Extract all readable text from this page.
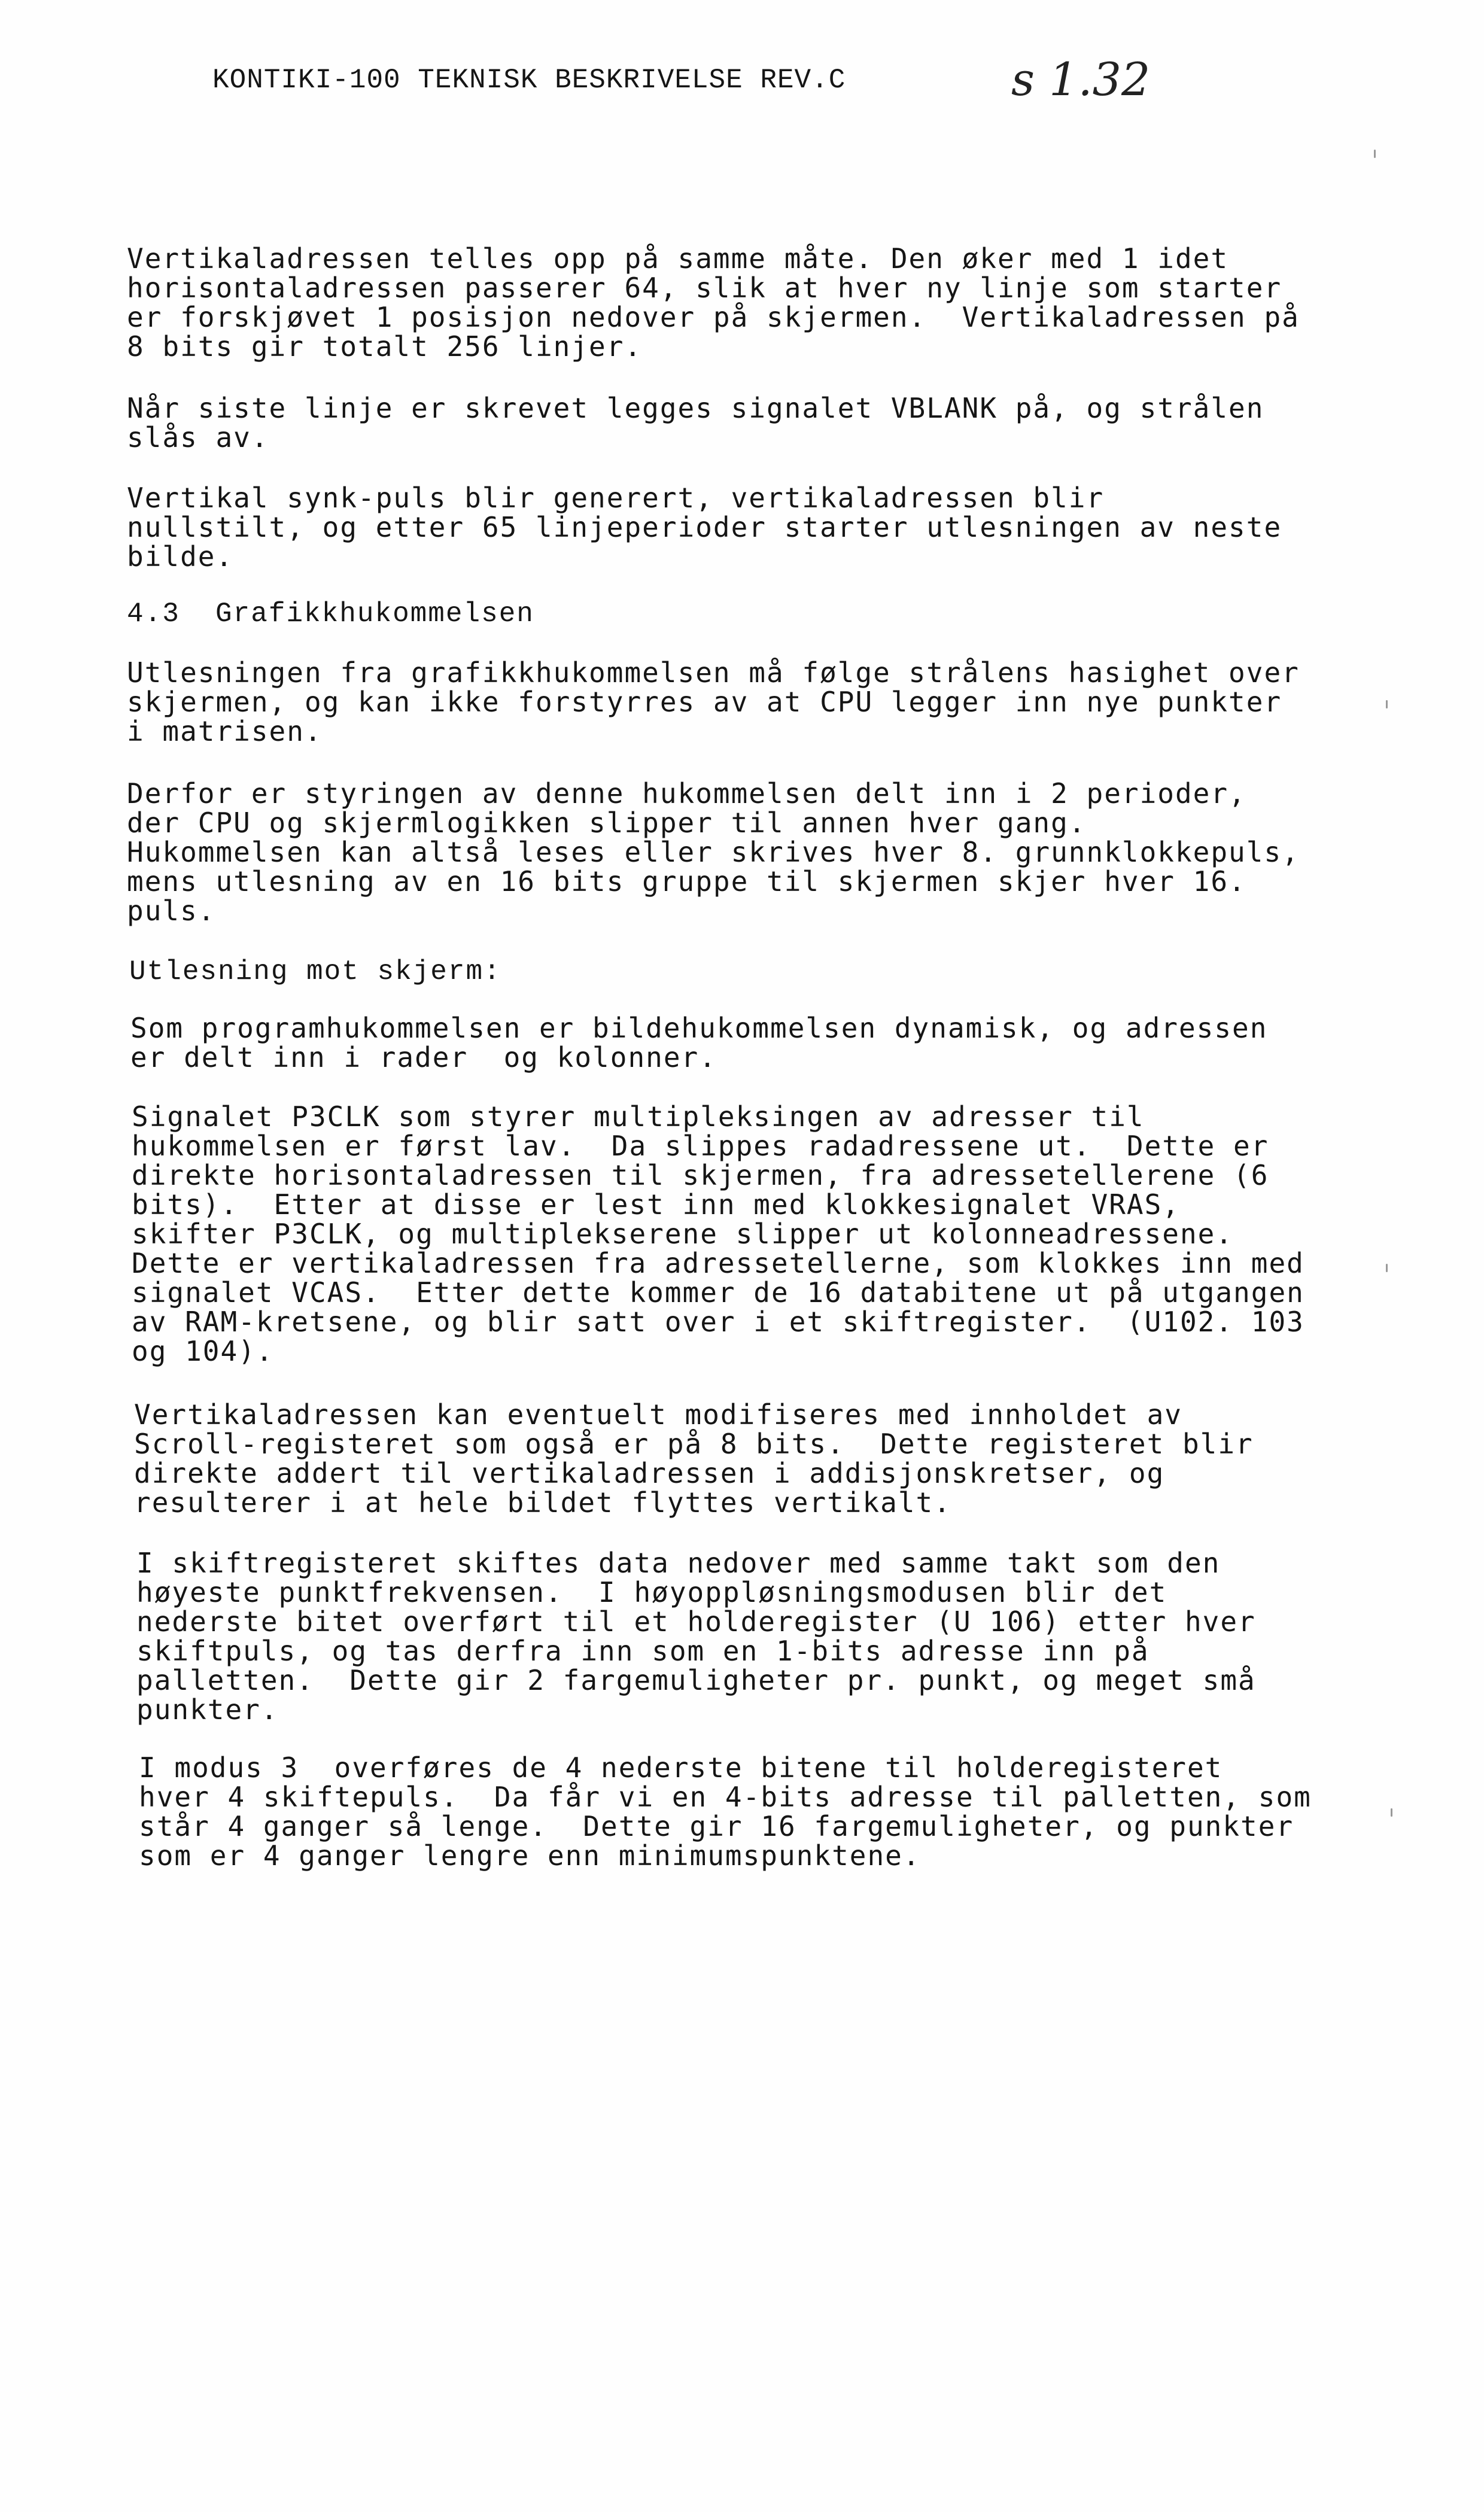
KONTIKI-100 TEKNISK BESKRIVELSE REV.C	s 1.32
Vertikaladressen telles opp på samme måte. Den øker med 1 idet
horisontaladressen passerer 64, slik at hver ny linje som starter
er forskjøvet 1 posisjon nedover på skjermen.  Vertikaladressen på
8 bits gir totalt 256 linjer.
Når siste linje er skrevet legges signalet VBLANK på, og strålen
slås av.
Vertikal synk-puls blir generert, vertikaladressen blir
nullstilt, og etter 65 linjeperioder starter utlesningen av neste
bilde.
4.3  Grafikkhukommelsen
Utlesningen fra grafikkhukommelsen må følge strålens hasighet over
skjermen, og kan ikke forstyrres av at CPU legger inn nye punkter
i matrisen.
Derfor er styringen av denne hukommelsen delt inn i 2 perioder,
der CPU og skjermlogikken slipper til annen hver gang.
Hukommelsen kan altså leses eller skrives hver 8. grunnklokkepuls,
mens utlesning av en 16 bits gruppe til skjermen skjer hver 16.
puls.
Utlesning mot skjerm:
Som programhukommelsen er bildehukommelsen dynamisk, og adressen
er delt inn i rader  og kolonner.
Signalet P3CLK som styrer multipleksingen av adresser til
hukommelsen er først lav.  Da slippes radadressene ut.  Dette er
direkte horisontaladressen til skjermen, fra adressetellerene (6
bits).  Etter at disse er lest inn med klokkesignalet VRAS,
skifter P3CLK, og multiplekserene slipper ut kolonneadressene.
Dette er vertikaladressen fra adressetellerne, som klokkes inn med
signalet VCAS.  Etter dette kommer de 16 databitene ut på utgangen
av RAM-kretsene, og blir satt over i et skiftregister.  (U102. 103
og 104).
Vertikaladressen kan eventuelt modifiseres med innholdet av
Scroll-registeret som også er på 8 bits.  Dette registeret blir
direkte addert til vertikaladressen i addisjonskretser, og
resulterer i at hele bildet flyttes vertikalt.
I skiftregisteret skiftes data nedover med samme takt som den
høyeste punktfrekvensen.  I høyoppløsningsmodusen blir det
nederste bitet overført til et holderegister (U 106) etter hver
skiftpuls, og tas derfra inn som en 1-bits adresse inn på
palletten.  Dette gir 2 fargemuligheter pr. punkt, og meget små
punkter.
I modus 3  overføres de 4 nederste bitene til holderegisteret
hver 4 skiftepuls.  Da får vi en 4-bits adresse til palletten, som
står 4 ganger så lenge.  Dette gir 16 fargemuligheter, og punkter
som er 4 ganger lengre enn minimumspunktene.
